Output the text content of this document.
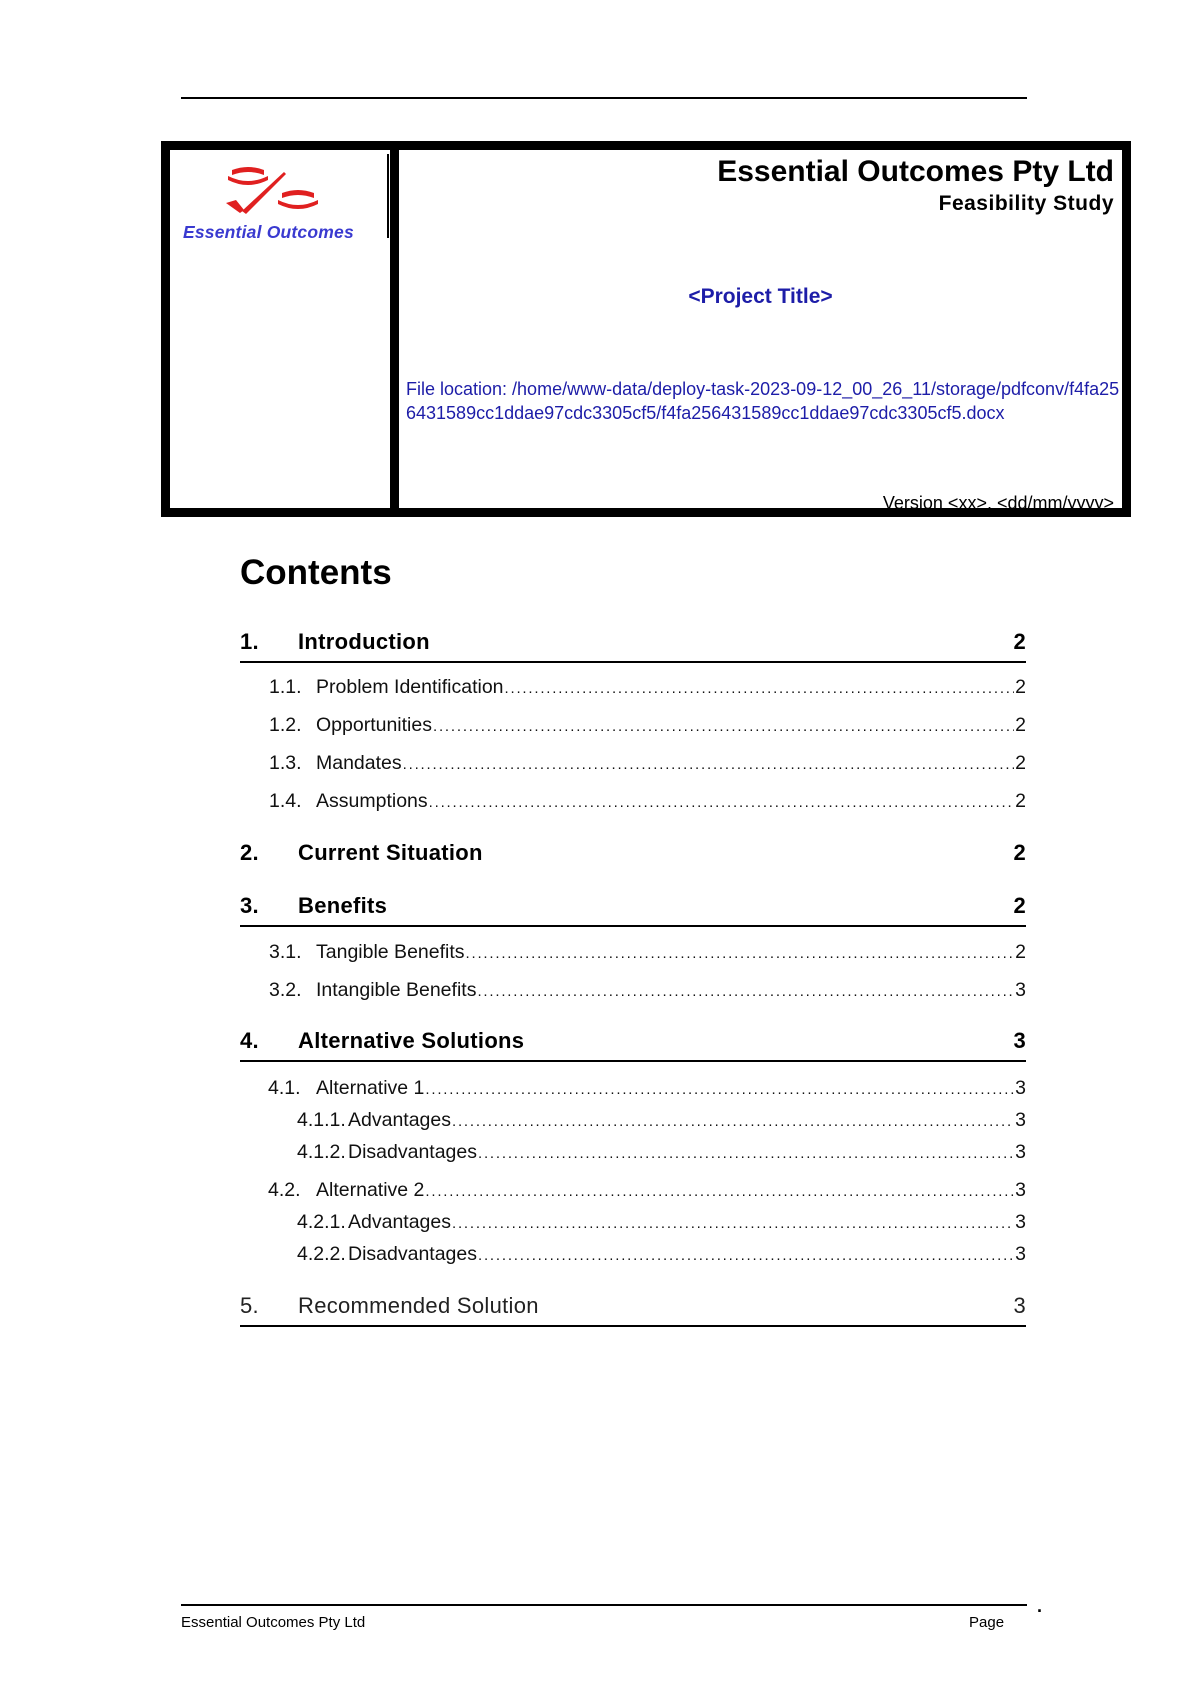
Essential Outcomes
Essential Outcomes Pty Ltd
Feasibility Study
<Project Title>
File location: /home/www-data/deploy-task-2023-09-12_00_26_11/storage/pdfconv/f4fa256431589cc1ddae97cdc3305cf5/f4fa256431589cc1ddae97cdc3305cf5.docx
Version <xx>, <dd/mm/yyyy>
Contents
1. Introduction	2
1.1. Problem Identification .....	2
1.2. Opportunities .....	2
1.3. Mandates .....	2
1.4. Assumptions .....	2
2. Current Situation	2
3. Benefits	2
3.1. Tangible Benefits .....	2
3.2. Intangible Benefits .....	3
4. Alternative Solutions	3
4.1. Alternative 1 .....	3
4.1.1. Advantages .....	3
4.1.2. Disadvantages .....	3
4.2. Alternative 2 .....	3
4.2.1. Advantages .....	3
4.2.2. Disadvantages .....	3
5. Recommended Solution	3
.
Essential Outcomes Pty Ltd	Page
